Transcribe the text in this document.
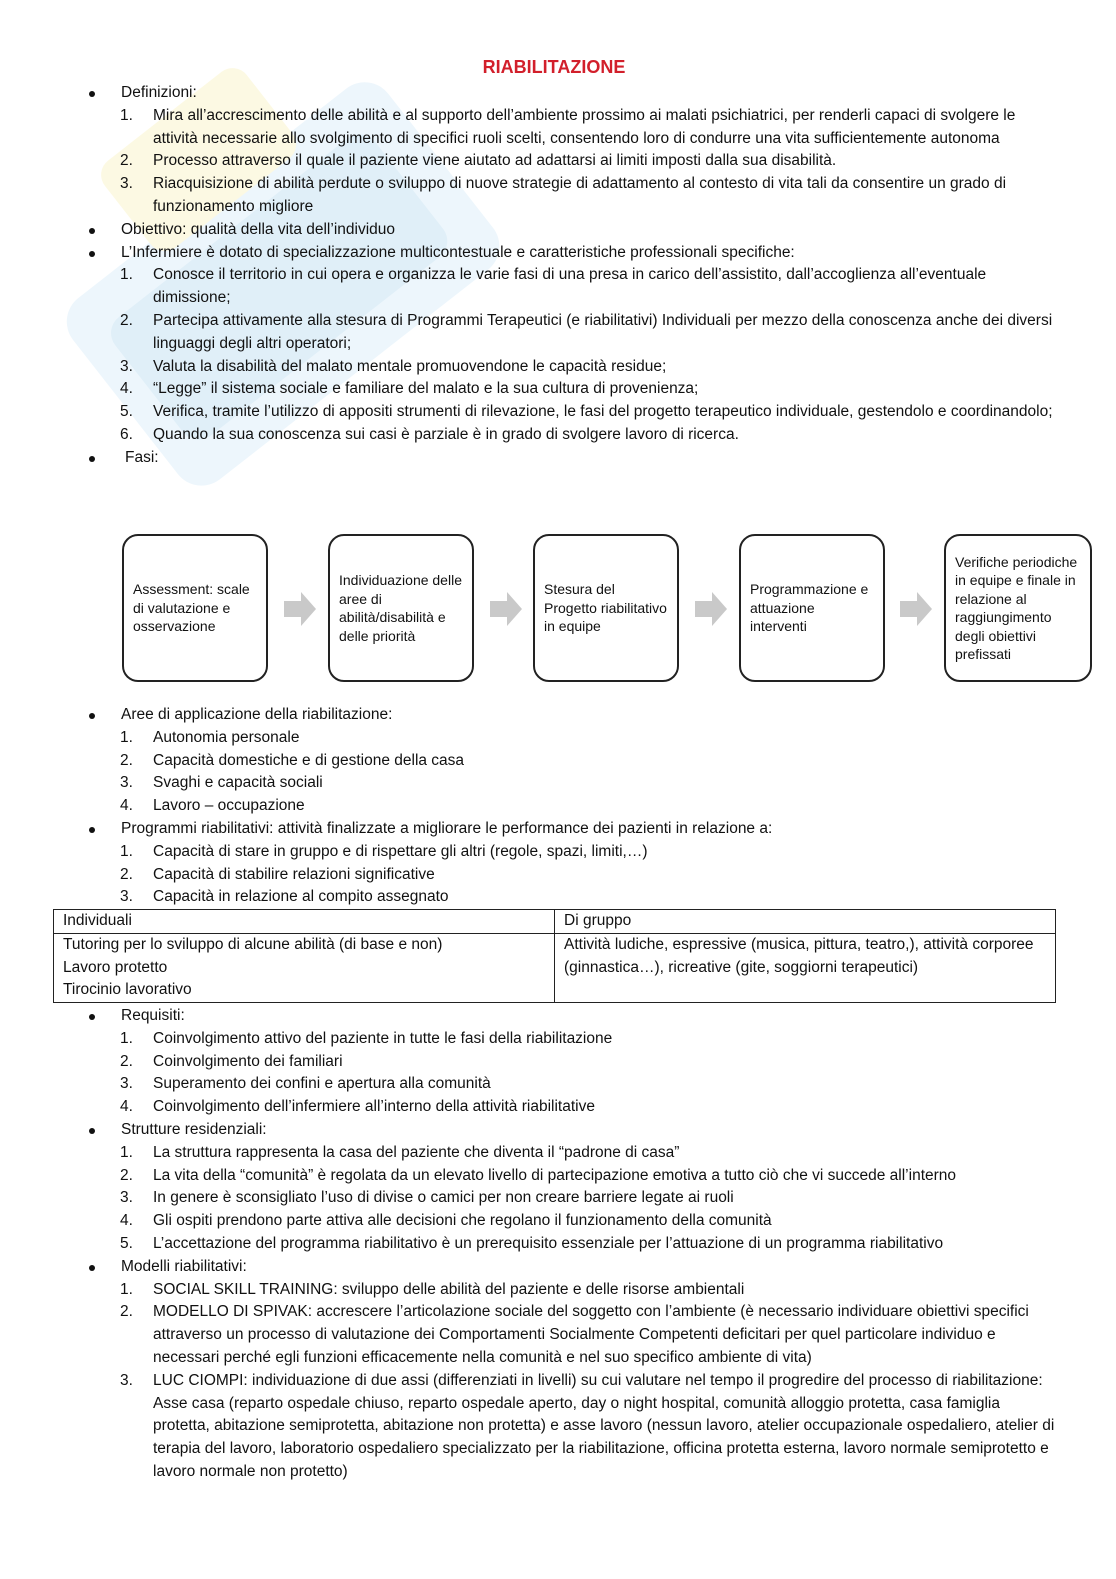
RIABILITAZIONE
Definizioni:
1. Mira all’accrescimento delle abilità e al supporto dell’ambiente prossimo ai malati psichiatrici, per renderli capaci di svolgere le attività necessarie allo svolgimento di specifici ruoli scelti, consentendo loro di condurre una vita sufficientemente autonoma
2. Processo attraverso il quale il paziente viene aiutato ad adattarsi ai limiti imposti dalla sua disabilità.
3. Riacquisizione di abilità perdute o sviluppo di nuove strategie di adattamento al contesto di vita tali da consentire un grado di funzionamento migliore
Obiettivo: qualità della vita dell’individuo
L’Infermiere è dotato di specializzazione multicontestuale e caratteristiche professionali specifiche:
1. Conosce il territorio in cui opera e organizza le varie fasi di una presa in carico dell’assistito, dall’accoglienza all’eventuale dimissione;
2. Partecipa attivamente alla stesura di Programmi Terapeutici (e riabilitativi) Individuali per mezzo della conoscenza anche dei diversi linguaggi degli altri operatori;
3. Valuta la disabilità del malato mentale promuovendone le capacità residue;
4. “Legge” il sistema sociale e familiare del malato e la sua cultura di provenienza;
5. Verifica, tramite l’utilizzo di appositi strumenti di rilevazione, le fasi del progetto terapeutico individuale, gestendolo e coordinandolo;
6. Quando la sua conoscenza sui casi è parziale è in grado di svolgere lavoro di ricerca.
Fasi:
Assessment: scale di valutazione e osservazione
Individuazione delle aree di abilità/disabilità e delle priorità
Stesura del Progetto riabilitativo in equipe
Programmazione e attuazione interventi
Verifiche periodiche in equipe e finale in relazione al raggiungimento degli obiettivi prefissati
Aree di applicazione della riabilitazione:
1. Autonomia personale
2. Capacità domestiche e di gestione della casa
3. Svaghi e capacità sociali
4. Lavoro – occupazione
Programmi riabilitativi: attività finalizzate a migliorare le performance dei pazienti in relazione a:
1. Capacità di stare in gruppo e di rispettare gli altri (regole, spazi, limiti,…)
2. Capacità di stabilire relazioni significative
3. Capacità in relazione al compito assegnato
Individuali	Di gruppo

Tutoring per lo sviluppo di alcune abilità (di base e non)
Lavoro protetto
Tirocinio lavorativo	Attività ludiche, espressive (musica, pittura, teatro,), attività corporee (ginnastica…), ricreative (gite, soggiorni terapeutici)
Requisiti:
1. Coinvolgimento attivo del paziente in tutte le fasi della riabilitazione
2. Coinvolgimento dei familiari
3. Superamento dei confini e apertura alla comunità
4. Coinvolgimento dell’infermiere all’interno della attività riabilitative
Strutture residenziali:
1. La struttura rappresenta la casa del paziente che diventa il “padrone di casa”
2. La vita della “comunità” è regolata da un elevato livello di partecipazione emotiva a tutto ciò che vi succede all’interno
3. In genere è sconsigliato l’uso di divise o camici per non creare barriere legate ai ruoli
4. Gli ospiti prendono parte attiva alle decisioni che regolano il funzionamento della comunità
5. L’accettazione del programma riabilitativo è un prerequisito essenziale per l’attuazione di un programma riabilitativo
Modelli riabilitativi:
1. SOCIAL SKILL TRAINING: sviluppo delle abilità del paziente e delle risorse ambientali
2. MODELLO DI SPIVAK: accrescere l’articolazione sociale del soggetto con l’ambiente (è necessario individuare obiettivi specifici attraverso un processo di valutazione dei Comportamenti Socialmente Competenti deficitari per quel particolare individuo e necessari perché egli funzioni efficacemente nella comunità e nel suo specifico ambiente di vita)
3. LUC CIOMPI: individuazione di due assi (differenziati in livelli) su cui valutare nel tempo il progredire del processo di riabilitazione: Asse casa (reparto ospedale chiuso, reparto ospedale aperto, day o night hospital, comunità alloggio protetta, casa famiglia protetta, abitazione semiprotetta, abitazione non protetta) e asse lavoro (nessun lavoro, atelier occupazionale ospedaliero, atelier di terapia del lavoro, laboratorio ospedaliero specializzato per la riabilitazione, officina protetta esterna, lavoro normale semiprotetto e lavoro normale non protetto)
